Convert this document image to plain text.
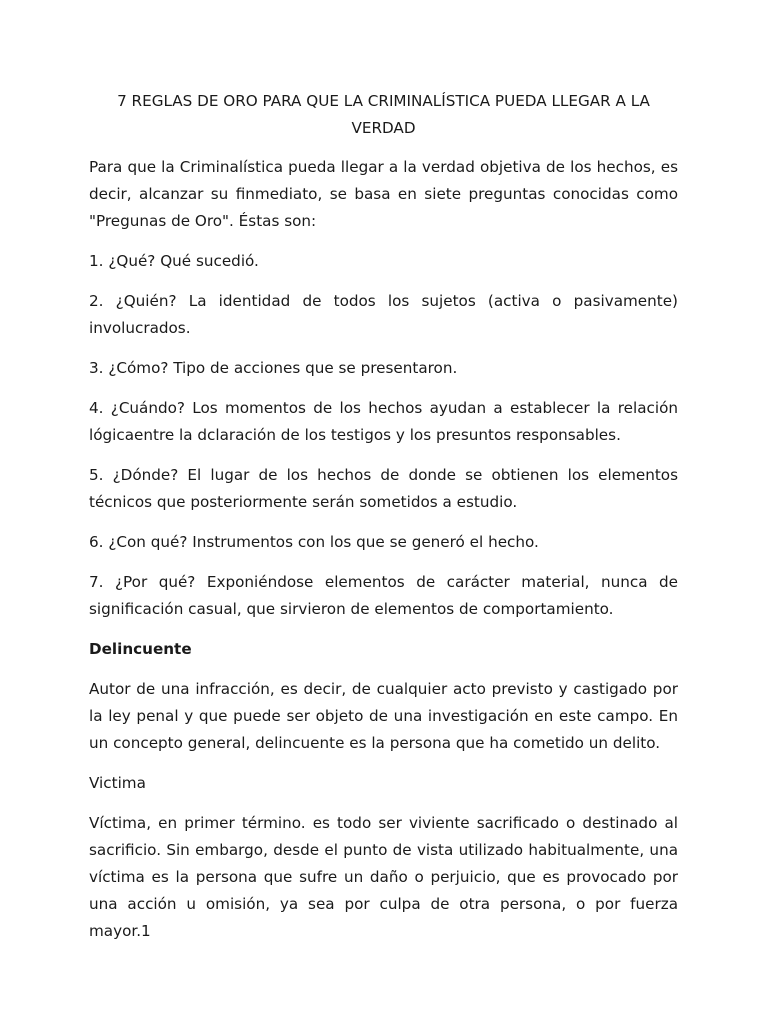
7 REGLAS DE ORO PARA QUE LA CRIMINALÍSTICA PUEDA LLEGAR A LA VERDAD

Para que la Criminalística pueda llegar a la verdad objetiva de los hechos, es decir, alcanzar su finmediato, se basa en siete preguntas conocidas como "Pregunas de Oro". Éstas son:

1. ¿Qué? Qué sucedió.

2. ¿Quién? La identidad de todos los sujetos (activa o pasivamente) involucrados.

3. ¿Cómo? Tipo de acciones que se presentaron.

4. ¿Cuándo? Los momentos de los hechos ayudan a establecer la relación lógicaentre la dclaración de los testigos y los presuntos responsables.

5. ¿Dónde? El lugar de los hechos de donde se obtienen los elementos técnicos que posteriormente serán sometidos a estudio.

6. ¿Con qué? Instrumentos con los que se generó el hecho.

7. ¿Por qué? Exponiéndose elementos de carácter material, nunca de significación casual, que sirvieron de elementos de comportamiento.

Delincuente

Autor de una infracción, es decir, de cualquier acto previsto y castigado por la ley penal y que puede ser objeto de una investigación en este campo. En un concepto general, delincuente es la persona que ha cometido un delito.

Victima

Víctima, en primer término. es todo ser viviente sacrificado o destinado al sacrificio. Sin embargo, desde el punto de vista utilizado habitualmente, una víctima es la persona que sufre un daño o perjuicio, que es provocado por una acción u omisión, ya sea por culpa de otra persona, o por fuerza mayor.1
